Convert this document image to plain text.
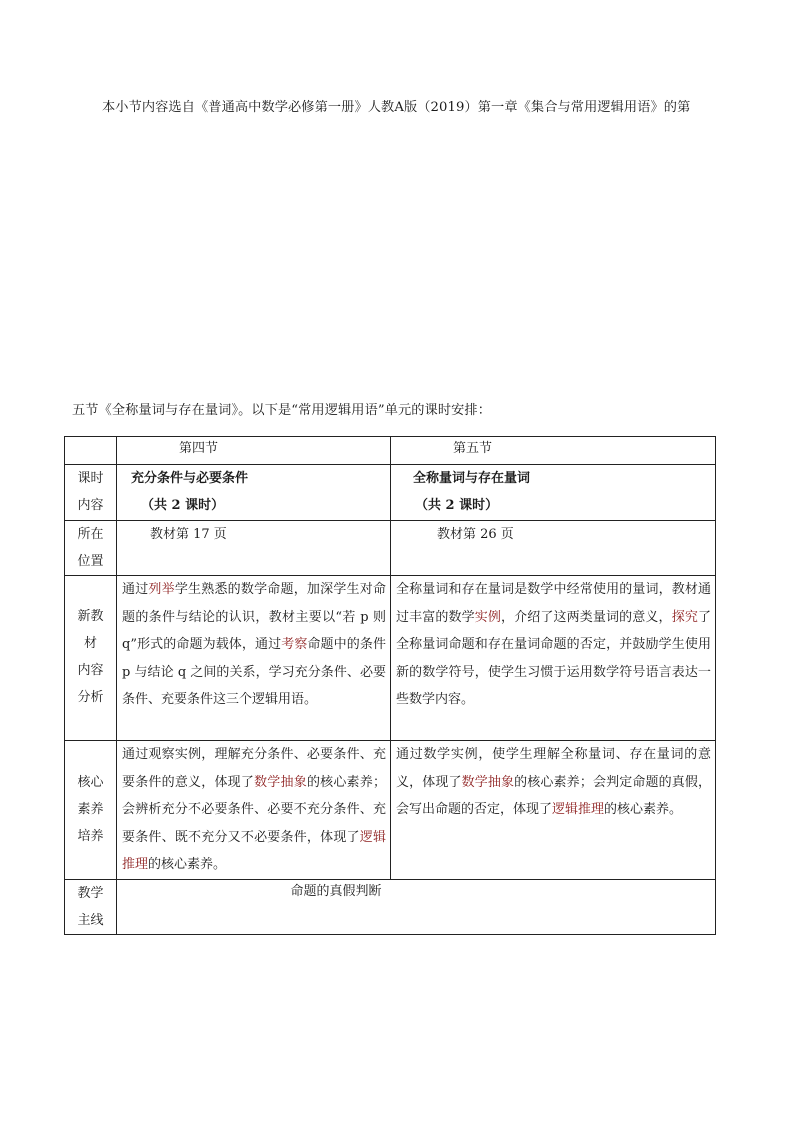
本小节内容选自《普通高中数学必修第一册》人教A版（2019）第一章《集合与常用逻辑用语》的第
五节《全称量词与存在量词》。以下是“常用逻辑用语”单元的课时安排：
	第四节	第五节

课时
内容	充分条件与必要条件
（共 2 课时）	全称量词与存在量词
（共 2 课时）

所在
位置	教材第 17 页	教材第 26 页

新教
材
内容
分析	通过列举学生熟悉的数学命题，加深学生对命题的条件与结论的认识，教材主要以“若 p 则 q”形式的命题为载体，通过考察命题中的条件 p 与结论 q 之间的关系，学习充分条件、必要条件、充要条件这三个逻辑用语。	全称量词和存在量词是数学中经常使用的量词，教材通过丰富的数学实例，介绍了这两类量词的意义，探究了全称量词命题和存在量词命题的否定，并鼓励学生使用新的数学符号，使学生习惯于运用数学符号语言表达一些数学内容。

核心
素养
培养	通过观察实例，理解充分条件、必要条件、充要条件的意义，体现了数学抽象的核心素养；会辨析充分不必要条件、必要不充分条件、充要条件、既不充分又不必要条件，体现了逻辑推理的核心素养。	通过数学实例，使学生理解全称量词、存在量词的意义，体现了数学抽象的核心素养；会判定命题的真假，会写出命题的否定，体现了逻辑推理的核心素养。

教学
主线	命题的真假判断	
